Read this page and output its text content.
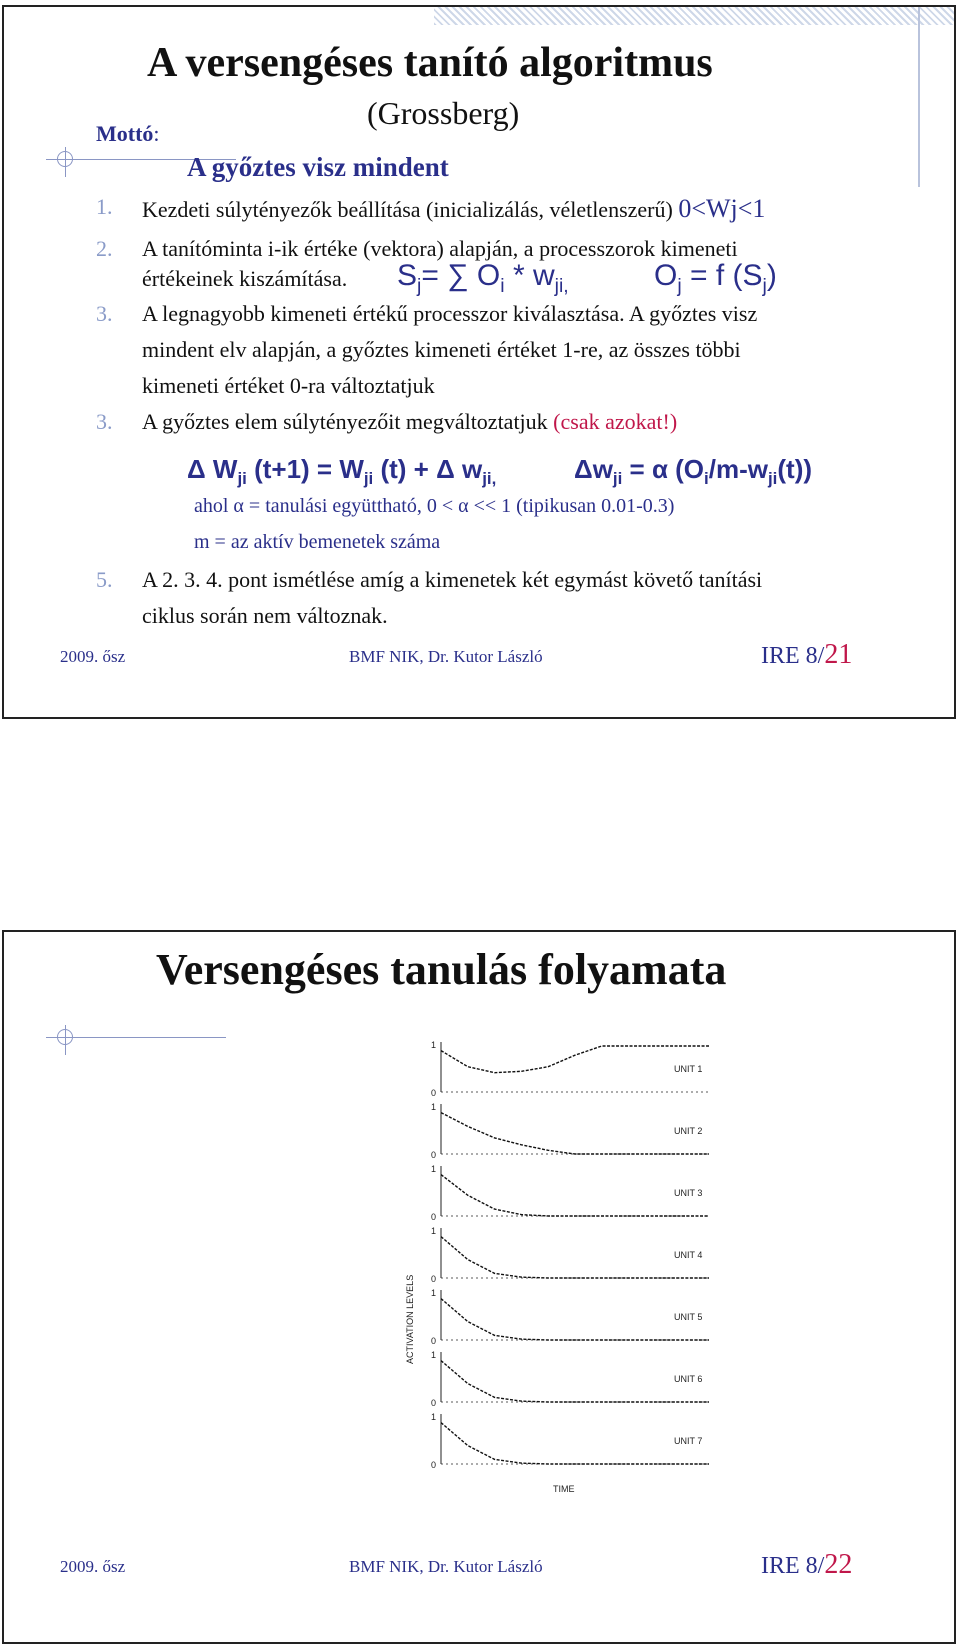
A versengéses tanító algoritmus
(Grossberg)
Mottó:
A győztes visz mindent
1. Kezdeti súlytényezők beállítása (inicializálás, véletlenszerű) 0<Wj<1
2. A tanítóminta i-ik értéke (vektora) alapján, a processzorok kimeneti
értékeinek kiszámítása. $S_j=$ ∑ $O_i * w_{ji,}$	$O_j = f$ $(S_j)$
3. A legnagyobb kimeneti értékű processzor kiválasztása. A győztes visz
mindent elv alapján, a győztes kimeneti értéket 1-re, az összes többi
kimeneti értéket 0-ra változtatjuk
3. A győztes elem súlytényezőit megváltoztatjuk (csak azokat!)
Δ $W_{ji}$ $(t+1) = W_{ji}$ (t) + Δ $w_{ji,}$	$\Delta w_{ji} = \alpha$ $(O_i/m-w_{ji}(t))$
ahol α = tanulási együttható, 0 < α << 1 (tipikusan 0.01-0.3)
m = az aktív bemenetek száma
5. A 2. 3. 4. pont ismétlése amíg a kimenetek két egymást követő tanítási
ciklus során nem változnak.
2009. ősz	BMF NIK, Dr. Kutor László	IRE 8/21
Versengéses tanulás folyamata
ACTIVATION LEVELS
TIME
1
0
UNIT 1
1
0
UNIT 2
1
0
UNIT 3
1
0
UNIT 4
1
0
UNIT 5
1
0
UNIT 6
1
0
UNIT 7
2009. ősz	BMF NIK, Dr. Kutor László	IRE 8/22
